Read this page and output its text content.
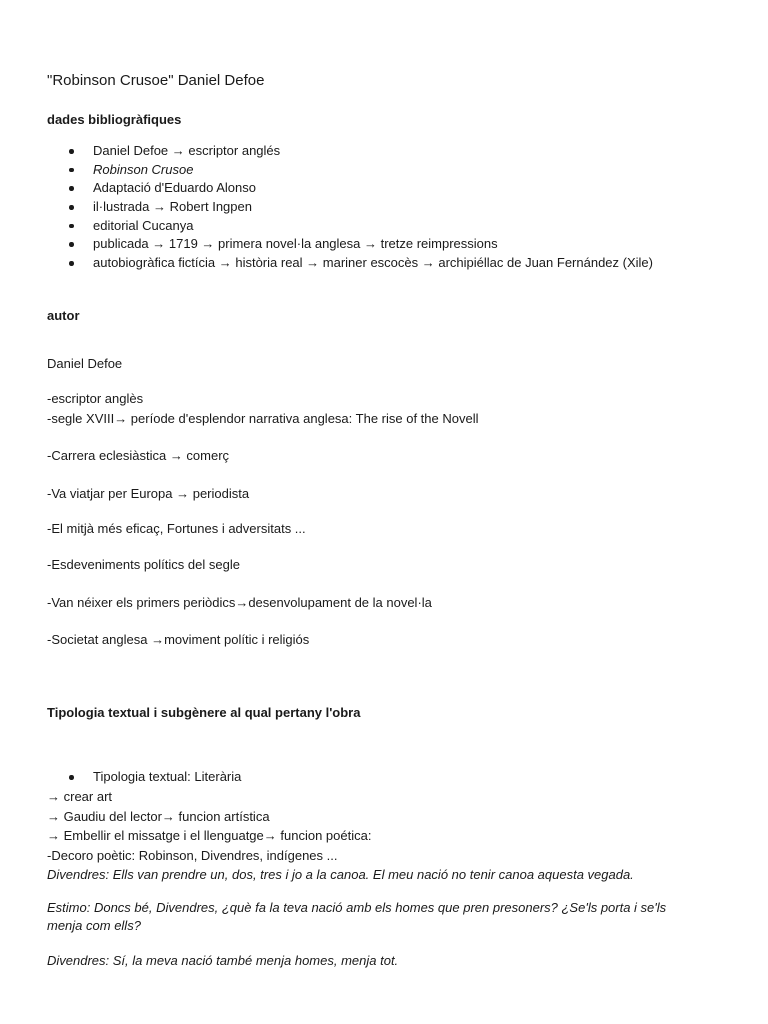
"Robinson Crusoe" Daniel Defoe
dades bibliogràfiques
Daniel Defoe → escriptor anglés
Robinson Crusoe
Adaptació d'Eduardo Alonso
il·lustrada → Robert Ingpen
editorial Cucanya
publicada → 1719 → primera novel·la anglesa → tretze reimpressions
autobiogràfica fictícia → història real → mariner escocès → archipiéllac de Juan Fernández (Xile)
autor
Daniel Defoe
-escriptor anglès
-segle XVIII→ període d'esplendor narrativa anglesa: The rise of the Novell
-Carrera eclesiàstica → comerç
-Va viatjar per Europa → periodista
-El mitjà més eficaç, Fortunes i adversitats ...
-Esdeveniments polítics del segle
-Van néixer els primers periòdics→desenvolupament de la novel·la
-Societat anglesa →moviment polític i religiós
Tipologia textual i subgènere al qual pertany l'obra
Tipologia textual: Literària
→ crear art
→ Gaudiu del lector→ funcion artística
→ Embellir el missatge i el llenguatge→ funcion poética:
-Decoro poètic: Robinson, Divendres, indígenes ...
Divendres: Ells van prendre un, dos, tres i jo a la canoa. El meu nació no tenir canoa aquesta vegada.
Estimo: Doncs bé, Divendres, ¿què fa la teva nació amb els homes que pren presoners? ¿Se'ls porta i se'ls
menja com ells?
Divendres: Sí, la meva nació també menja homes, menja tot.
